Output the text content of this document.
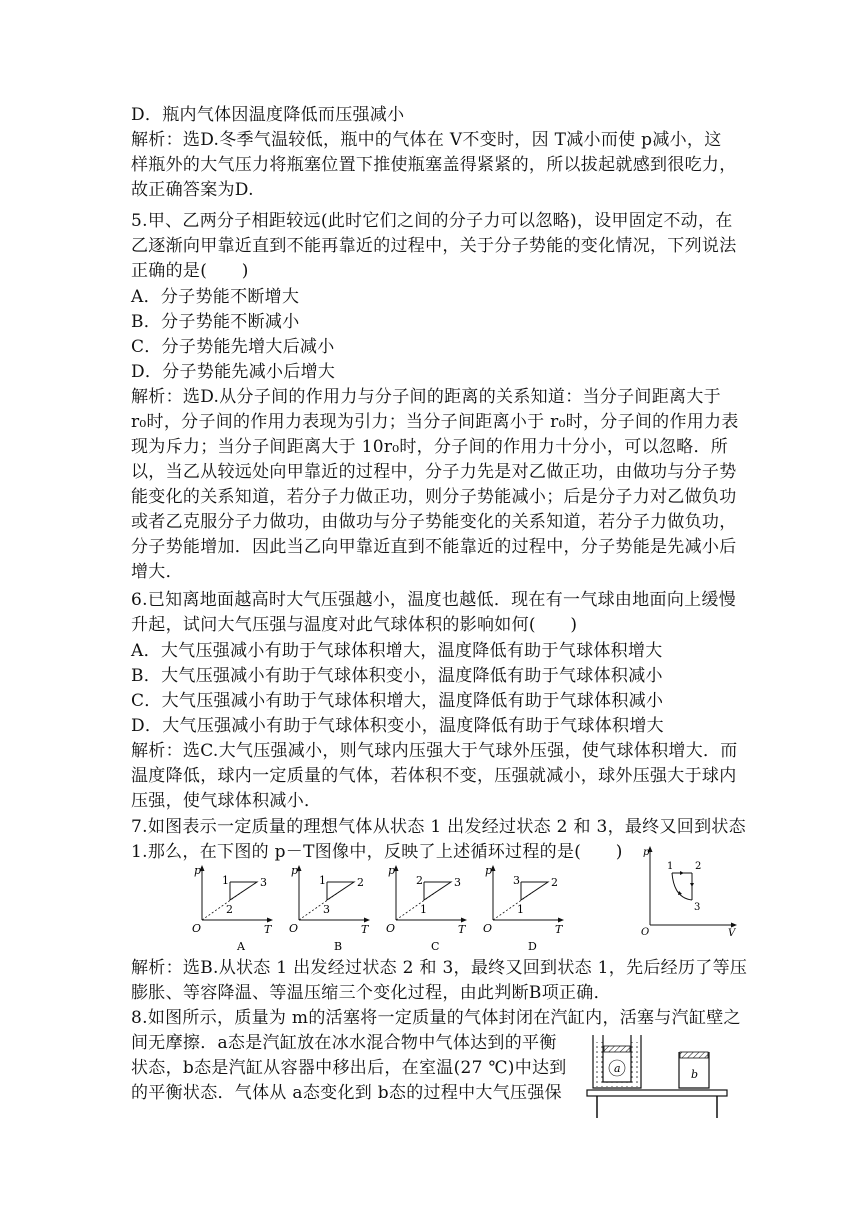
D．瓶内气体因温度降低而压强减小
解析：选D.冬季气温较低，瓶中的气体在 V不变时，因 T减小而使 p减小，这
样瓶外的大气压力将瓶塞位置下推使瓶塞盖得紧紧的，所以拔起就感到很吃力，
故正确答案为D.
5.甲、乙两分子相距较远(此时它们之间的分子力可以忽略)，设甲固定不动，在
乙逐渐向甲靠近直到不能再靠近的过程中，关于分子势能的变化情况，下列说法
正确的是(　　)
A．分子势能不断增大
B．分子势能不断减小
C．分子势能先增大后减小
D．分子势能先减小后增大
解析：选D.从分子间的作用力与分子间的距离的关系知道：当分子间距离大于
r₀时，分子间的作用力表现为引力；当分子间距离小于 r₀时，分子间的作用力表
现为斥力；当分子间距离大于 10r₀时，分子间的作用力十分小，可以忽略．所
以，当乙从较远处向甲靠近的过程中，分子力先是对乙做正功，由做功与分子势
能变化的关系知道，若分子力做正功，则分子势能减小；后是分子力对乙做负功
或者乙克服分子力做功，由做功与分子势能变化的关系知道，若分子力做负功，
分子势能增加．因此当乙向甲靠近直到不能靠近的过程中，分子势能是先减小后
增大．
6.已知离地面越高时大气压强越小，温度也越低．现在有一气球由地面向上缓慢
升起，试问大气压强与温度对此气球体积的影响如何(　　)
A．大气压强减小有助于气球体积增大，温度降低有助于气球体积增大
B．大气压强减小有助于气球体积变小，温度降低有助于气球体积减小
C．大气压强减小有助于气球体积增大，温度降低有助于气球体积减小
D．大气压强减小有助于气球体积变小，温度降低有助于气球体积增大
解析：选C.大气压强减小，则气球内压强大于气球外压强，使气球体积增大．而
温度降低，球内一定质量的气体，若体积不变，压强就减小，球外压强大于球内
压强，使气球体积减小．
7.如图表示一定质量的理想气体从状态 1 出发经过状态 2 和 3，最终又回到状态
1.那么，在下图的 p－T图像中，反映了上述循环过程的是(　　)
p
T
O
1	3
2
A
p
T
O
1	2
3
B
p
T
O
2	3
1
C
p
T
O
3	2
1
D
p
V
O
1 2
3
解析：选B.从状态 1 出发经过状态 2 和 3，最终又回到状态 1，先后经历了等压
膨胀、等容降温、等温压缩三个变化过程，由此判断B项正确．
8.如图所示，质量为 m的活塞将一定质量的气体封闭在汽缸内，活塞与汽缸壁之
间无摩擦．a态是汽缸放在冰水混合物中气体达到的平衡
状态，b态是汽缸从容器中移出后，在室温(27 ℃)中达到
的平衡状态．气体从 a态变化到 b态的过程中大气压强保
a	b
